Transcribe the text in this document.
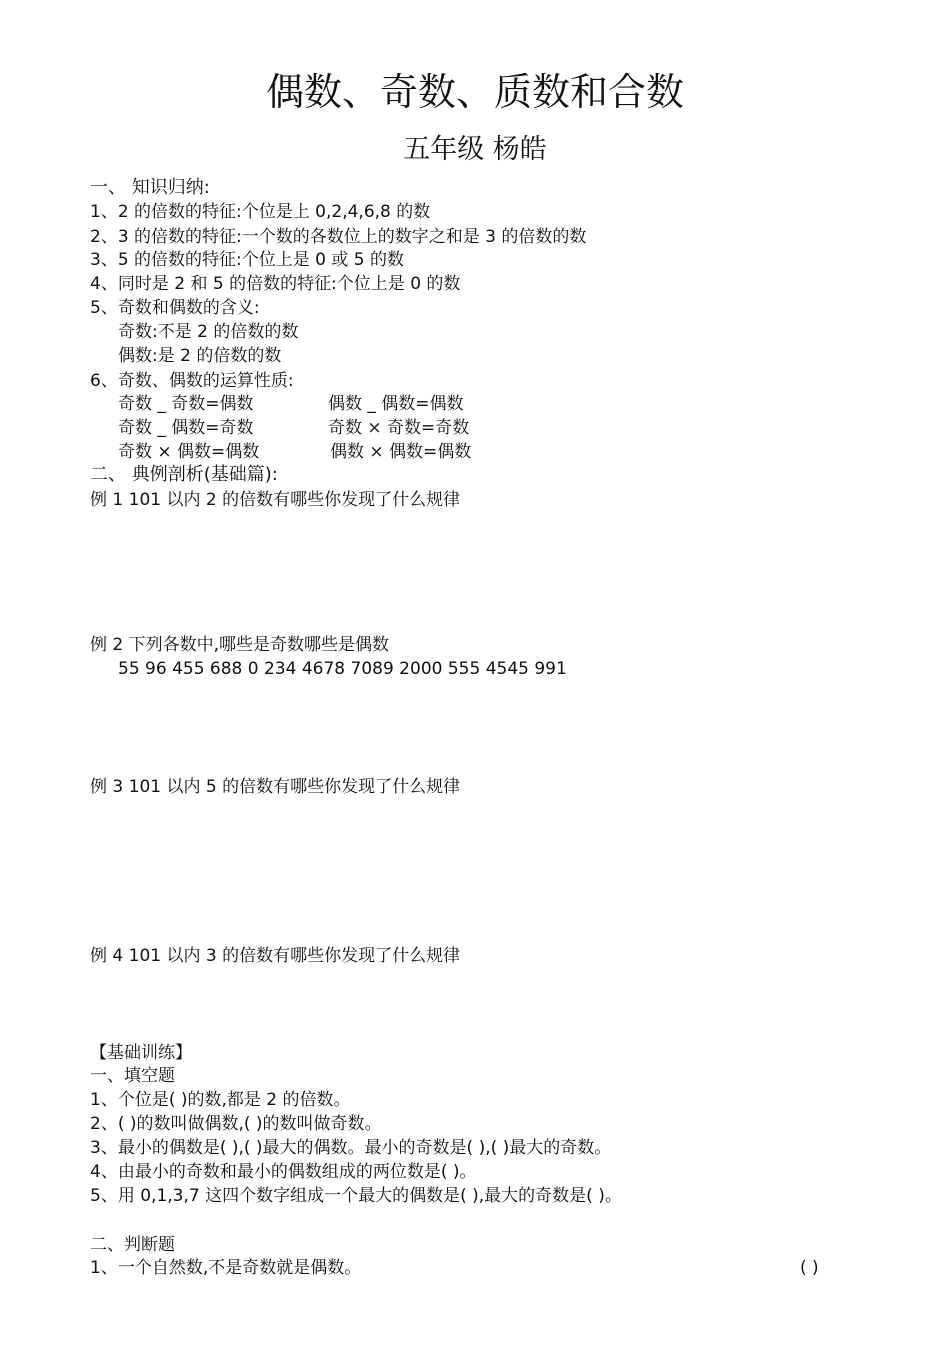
偶数、奇数、质数和合数
五年级 杨皓
一、 知识归纳:
1、2 的倍数的特征:个位是上 0,2,4,6,8 的数
2、3 的倍数的特征:一个数的各数位上的数字之和是 3 的倍数的数
3、5 的倍数的特征:个位上是 0 或 5 的数
4、同时是 2 和 5 的倍数的特征:个位上是 0 的数
5、奇数和偶数的含义:
奇数:不是 2 的倍数的数
偶数:是 2 的倍数的数
6、奇数、偶数的运算性质:
奇数 _ 奇数=偶数	偶数 _ 偶数=偶数
奇数 _ 偶数=奇数	奇数 × 奇数=奇数
奇数 × 偶数=偶数	偶数 × 偶数=偶数
二、 典例剖析(基础篇):
例 1 101 以内 2 的倍数有哪些你发现了什么规律
例 2 下列各数中,哪些是奇数哪些是偶数
55 96 455 688 0 234 4678 7089 2000 555 4545 991
例 3 101 以内 5 的倍数有哪些你发现了什么规律
例 4 101 以内 3 的倍数有哪些你发现了什么规律
【基础训练】
一、填空题
1、个位是( )的数,都是 2 的倍数。
2、( )的数叫做偶数,( )的数叫做奇数。
3、最小的偶数是( ),( )最大的偶数。最小的奇数是( ),( )最大的奇数。
4、由最小的奇数和最小的偶数组成的两位数是( )。
5、用 0,1,3,7 这四个数字组成一个最大的偶数是( ),最大的奇数是( )。
二、判断题
1、一个自然数,不是奇数就是偶数。	( )
